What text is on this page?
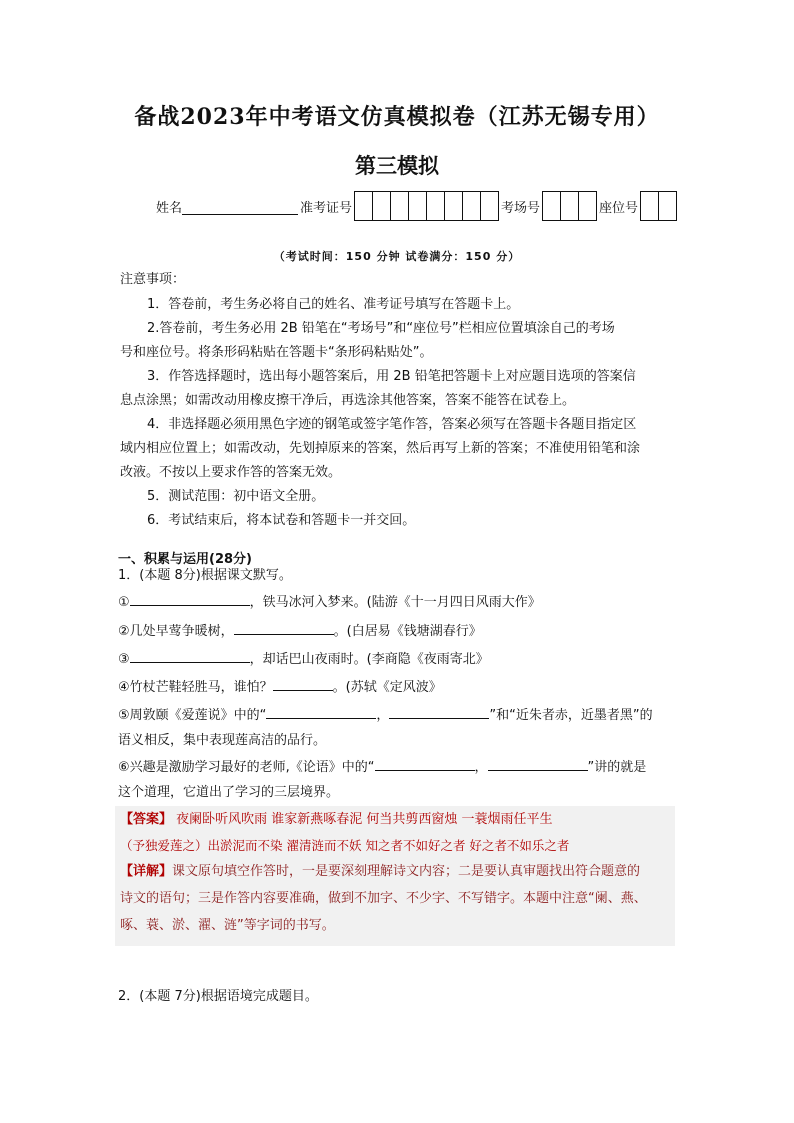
备战2023年中考语文仿真模拟卷（江苏无锡专用）
第三模拟
姓名	准考证号	考场号	座位号
（考试时间：150 分钟 试卷满分：150 分）
注意事项：
1．答卷前，考生务必将自己的姓名、准考证号填写在答题卡上。
2.答卷前，考生务必用 2B 铅笔在“考场号”和“座位号”栏相应位置填涂自己的考场
号和座位号。将条形码粘贴在答题卡“条形码粘贴处”。
3．作答选择题时，选出每小题答案后，用 2B 铅笔把答题卡上对应题目选项的答案信
息点涂黑；如需改动用橡皮擦干净后，再选涂其他答案，答案不能答在试卷上。
4．非选择题必须用黑色字迹的钢笔或签字笔作答，答案必须写在答题卡各题目指定区
域内相应位置上；如需改动，先划掉原来的答案，然后再写上新的答案；不准使用铅笔和涂
改液。不按以上要求作答的答案无效。
5．测试范围：初中语文全册。
6．考试结束后，将本试卷和答题卡一并交回。
一、积累与运用(28分)
1．(本题 8分)根据课文默写。
①	，铁马冰河入梦来。(陆游《十一月四日风雨大作》
②几处早莺争暖树，	。(白居易《钱塘湖春行》
③	，却话巴山夜雨时。(李商隐《夜雨寄北》
④竹杖芒鞋轻胜马，谁怕？	。(苏轼《定风波》
⑤周敦颐《爱莲说》中的“	，	”和“近朱者赤，近墨者黑”的
语义相反，集中表现莲高洁的品行。
⑥兴趣是激励学习最好的老师,《论语》中的“	，	”讲的就是
这个道理，它道出了学习的三层境界。
【答案】 夜阑卧听风吹雨 谁家新燕啄春泥 何当共剪西窗烛 一蓑烟雨任平生
（予独爱莲之）出淤泥而不染 濯清涟而不妖 知之者不如好之者 好之者不如乐之者
【详解】课文原句填空作答时，一是要深刻理解诗文内容；二是要认真审题找出符合题意的
诗文的语句；三是作答内容要准确，做到不加字、不少字、不写错字。本题中注意“阑、燕、
啄、蓑、淤、濯、涟”等字词的书写。
2．(本题 7分)根据语境完成题目。
